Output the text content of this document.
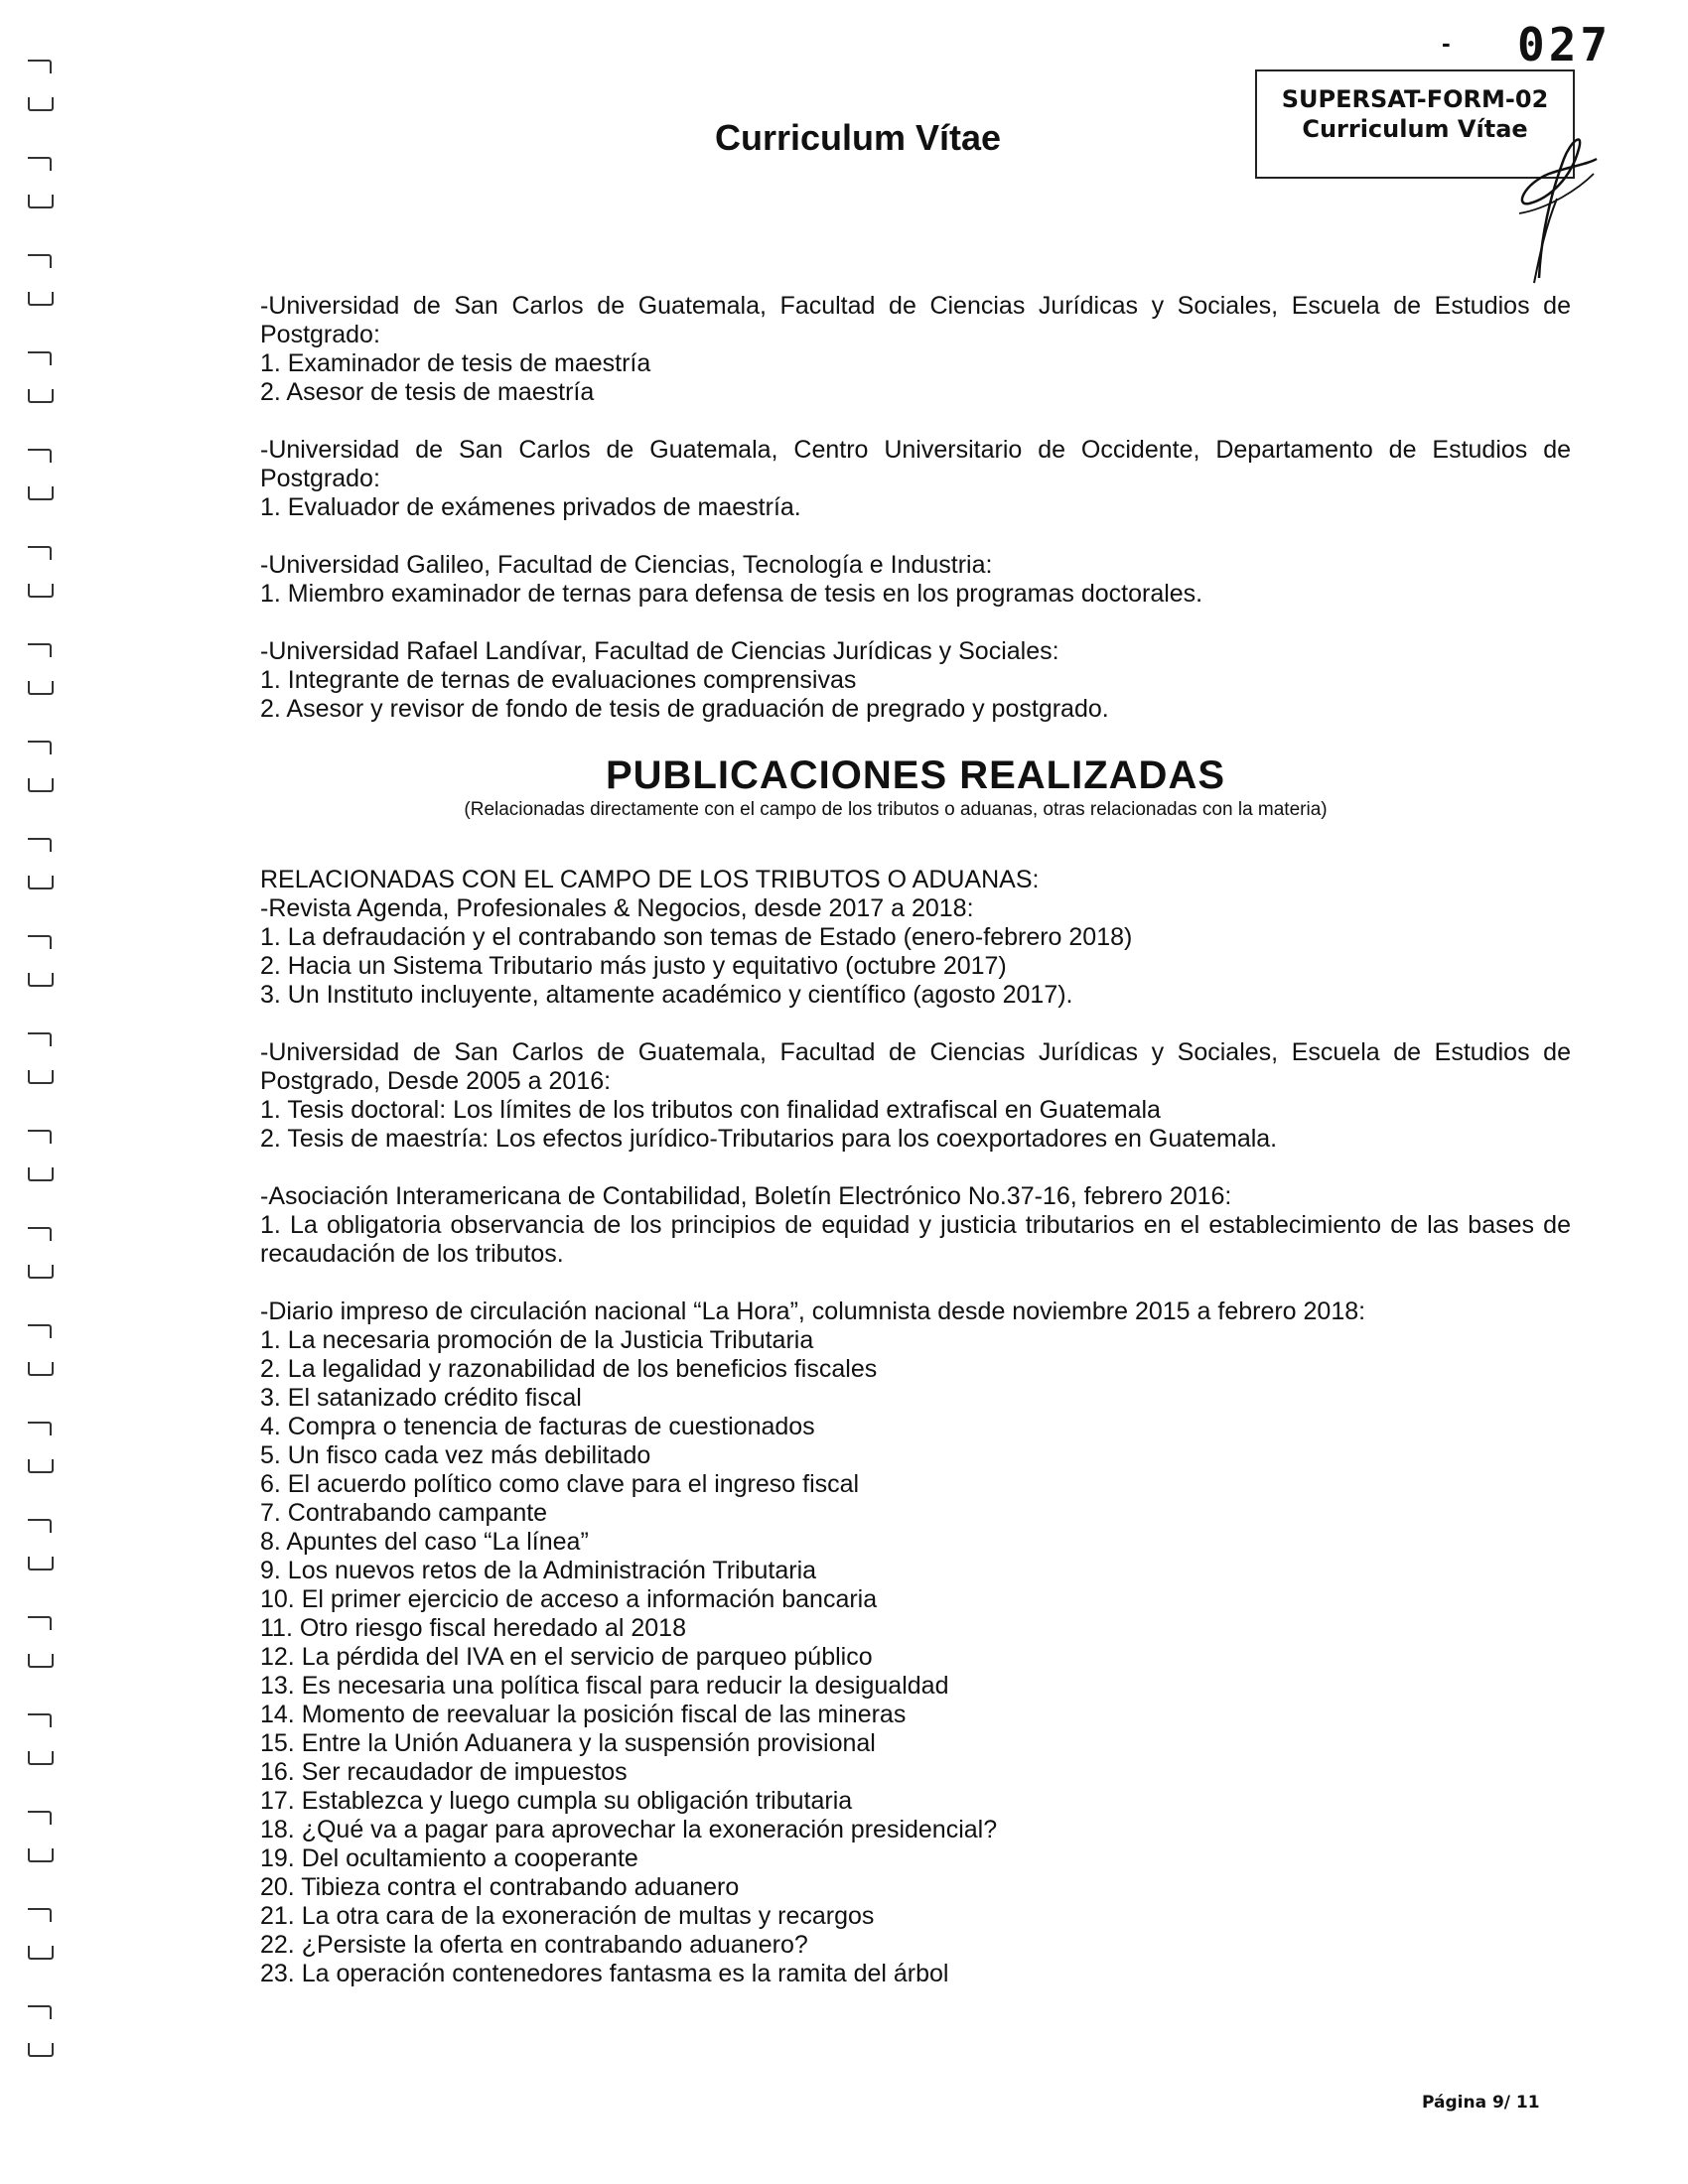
- 027
SUPERSAT-FORM-02
Curriculum Vítae
Curriculum Vítae

-Universidad de San Carlos de Guatemala, Facultad de Ciencias Jurídicas y Sociales, Escuela de Estudios de Postgrado:

1. Examinador de tesis de maestría

2. Asesor de tesis de maestría

-Universidad de San Carlos de Guatemala, Centro Universitario de Occidente, Departamento de Estudios de Postgrado:

1. Evaluador de exámenes privados de maestría.

-Universidad Galileo, Facultad de Ciencias, Tecnología e Industria:

1. Miembro examinador de ternas para defensa de tesis en los programas doctorales.

-Universidad Rafael Landívar, Facultad de Ciencias Jurídicas y Sociales:

1. Integrante de ternas de evaluaciones comprensivas

2. Asesor y revisor de fondo de tesis de graduación de pregrado y postgrado.

PUBLICACIONES REALIZADAS
(Relacionadas directamente con el campo de los tributos o aduanas, otras relacionadas con la materia)

RELACIONADAS CON EL CAMPO DE LOS TRIBUTOS O ADUANAS:

-Revista Agenda, Profesionales & Negocios, desde 2017 a 2018:

1. La defraudación y el contrabando son temas de Estado (enero-febrero 2018)

2. Hacia un Sistema Tributario más justo y equitativo (octubre 2017)

3. Un Instituto incluyente, altamente académico y científico (agosto 2017).

-Universidad de San Carlos de Guatemala, Facultad de Ciencias Jurídicas y Sociales, Escuela de Estudios de Postgrado, Desde 2005 a 2016:

1. Tesis doctoral: Los límites de los tributos con finalidad extrafiscal en Guatemala

2. Tesis de maestría: Los efectos jurídico-Tributarios para los coexportadores en Guatemala.

-Asociación Interamericana de Contabilidad, Boletín Electrónico No.37-16, febrero 2016:

1. La obligatoria observancia de los principios de equidad y justicia tributarios en el establecimiento de las bases de recaudación de los tributos.

-Diario impreso de circulación nacional “La Hora”, columnista desde noviembre 2015 a febrero 2018:

1. La necesaria promoción de la Justicia Tributaria

2. La legalidad y razonabilidad de los beneficios fiscales

3. El satanizado crédito fiscal

4. Compra o tenencia de facturas de cuestionados

5. Un fisco cada vez más debilitado

6. El acuerdo político como clave para el ingreso fiscal

7. Contrabando campante

8. Apuntes del caso “La línea”

9. Los nuevos retos de la Administración Tributaria

10. El primer ejercicio de acceso a información bancaria

11. Otro riesgo fiscal heredado al 2018

12. La pérdida del IVA en el servicio de parqueo público

13. Es necesaria una política fiscal para reducir la desigualdad

14. Momento de reevaluar la posición fiscal de las mineras

15. Entre la Unión Aduanera y la suspensión provisional

16. Ser recaudador de impuestos

17. Establezca y luego cumpla su obligación tributaria

18. ¿Qué va a pagar para aprovechar la exoneración presidencial?

19. Del ocultamiento a cooperante

20. Tibieza contra el contrabando aduanero

21. La otra cara de la exoneración de multas y recargos

22. ¿Persiste la oferta en contrabando aduanero?

23. La operación contenedores fantasma es la ramita del árbol

Página 9/ 11
